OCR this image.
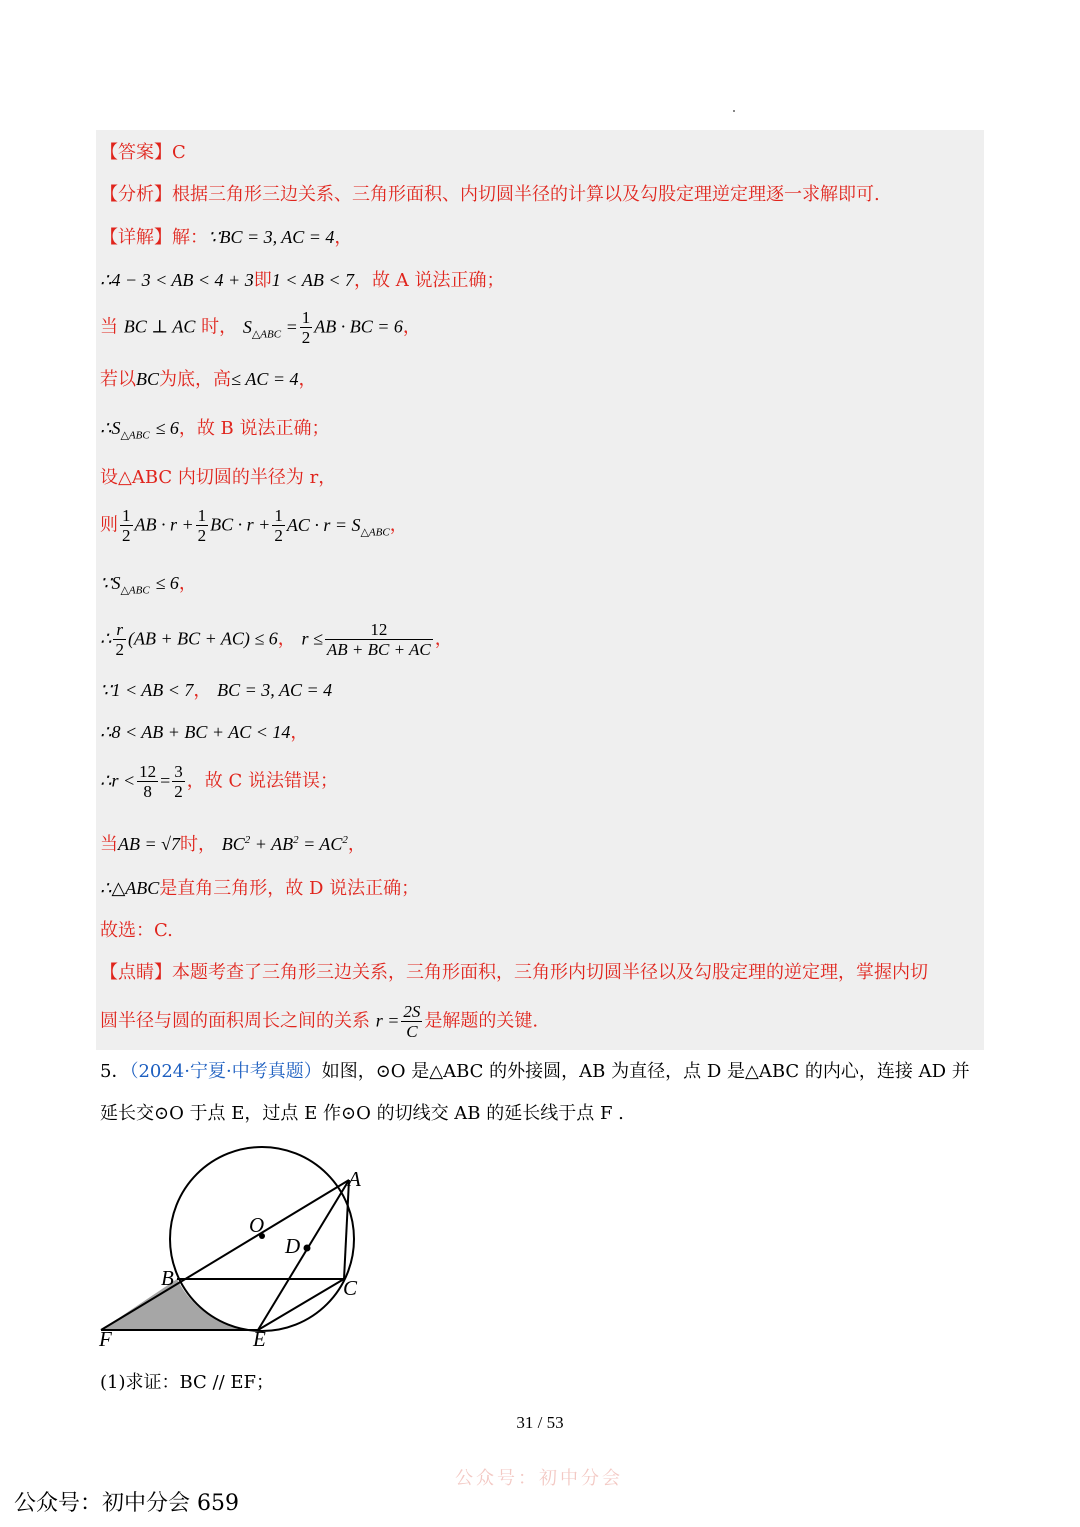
【答案】C
【分析】根据三角形三边关系、三角形面积、内切圆半径的计算以及勾股定理逆定理逐一求解即可.
【详解】解：∵BC = 3, AC = 4，
∴4 − 3 < AB < 4 + 3即1 < AB < 7，故 A 说法正确；
当 BC ⊥ AC 时， $S_{\triangle ABC} = \frac{1}{2}$ AB · BC = 6，
若以BC为底，高≤ AC = 4，
$\therefore S_{\triangle ABC} \le 6$，故 B 说法正确；
设△ABC 内切圆的半径为 r，
则 $\frac{1}{2}$ AB · $r + \frac{1}{2}$ BC · $r + \frac{1}{2}$ AC · $r = S_{\triangle ABC}$，
$\because S_{\triangle ABC} \le 6$，
∴ $\frac{r}{2} (AB$ + BC + AC) ≤ 6， $r \le \frac{12}{AB + BC + AC}$ ，
∵1 < AB < 7， BC = 3, AC = 4
∴8 < AB + BC + AC < 14，
∴r < $\frac{12}{8} = \frac{3}{2}$ ，故 C 说法错误；
当AB = √7时， $BC^2 + AB^2 = AC^2$，
∴△ABC是直角三角形，故 D 说法正确；
故选：C.
【点睛】本题考查了三角形三边关系，三角形面积，三角形内切圆半径以及勾股定理的逆定理，掌握内切
圆半径与圆的面积周长之间的关系 $r = \frac{2S}{C}$ 是解题的关键.
5．（2024·宁夏·中考真题）如图，⊙O 是△ABC 的外接圆，AB 为直径，点 D 是△ABC 的内心，连接 AD 并
延长交⊙O 于点 E，过点 E 作⊙O 的切线交 AB 的延长线于点 F .
A
O
D
B	C
F	E
(1)求证：BC // EF；
31 / 53
公众号：初中分会
公众号：初中分会 659
